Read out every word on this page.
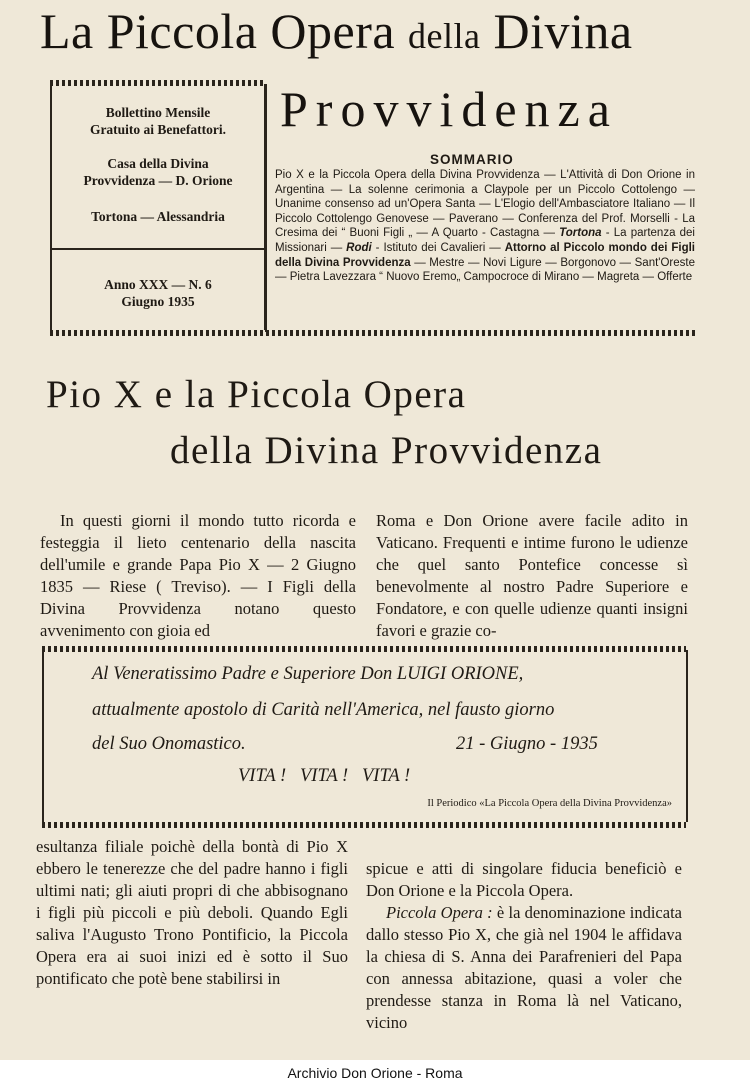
La Piccola Opera della Divina
Provvidenza
Bollettino Mensile
Gratuito ai Benefattori.
Casa della Divina
Provvidenza — D. Orione
Tortona — Alessandria
Anno XXX — N. 6
Giugno 1935
SOMMARIO
Pio X e la Piccola Opera della Divina Provvidenza — L'Attività di Don Orione in Argentina — La solenne cerimonia a Claypole per un Piccolo Cottolengo — Unanime consenso ad un'Opera Santa — L'Elogio dell'Ambasciatore Italiano — Il Piccolo Cottolengo Genovese — Paverano — Conferenza del Prof. Morselli - La Cresima dei “ Buoni Figli „ — A Quarto - Castagna — Tortona - La partenza dei Missionari — Rodi - Istituto dei Cavalieri — Attorno al Piccolo mondo dei Figli della Divina Provvidenza — Mestre — Novi Ligure — Borgonovo — Sant'Oreste — Pietra Lavezzara “ Nuovo Eremo„ Campocroce di Mirano — Magreta — Offerte
Pio X e la Piccola Opera
della Divina Provvidenza
In questi giorni il mondo tutto ricorda e festeggia il lieto centenario della nascita dell'umile e grande Papa Pio X — 2 Giugno 1835 — Riese ( Treviso). — I Figli della Divina Provvidenza notano questo avvenimento con gioia ed
Roma e Don Orione avere facile adito in Vaticano. Frequenti e intime furono le udienze che quel santo Pontefice concesse sì benevolmente al nostro Padre Superiore e Fondatore, e con quelle udienze quanti insigni favori e grazie co-
Al Veneratissimo Padre e Superiore Don LUIGI ORIONE,
attualmente apostolo di Carità nell'America, nel fausto giorno
del Suo Onomastico.	21 - Giugno - 1935
VITA !   VITA !   VITA !
Il Periodico «La Piccola Opera della Divina Provvidenza»
esultanza filiale poichè della bontà di Pio X ebbero le tenerezze che del padre hanno i figli ultimi nati; gli aiuti propri di che abbisognano i figli più piccoli e più deboli. Quando Egli saliva l'Augusto Trono Pontificio, la Piccola Opera era ai suoi inizi ed è sotto il Suo pontificato che potè bene stabilirsi in

spicue e atti di singolare fiducia beneficiò e Don Orione e la Piccola Opera.
Piccola Opera : è la denominazione indicata dallo stesso Pio X, che già nel 1904 le affidava la chiesa di S. Anna dei Parafrenieri del Papa con annessa abitazione, quasi a voler che prendesse stanza in Roma là nel Vaticano, vicino

Archivio Don Orione - Roma
